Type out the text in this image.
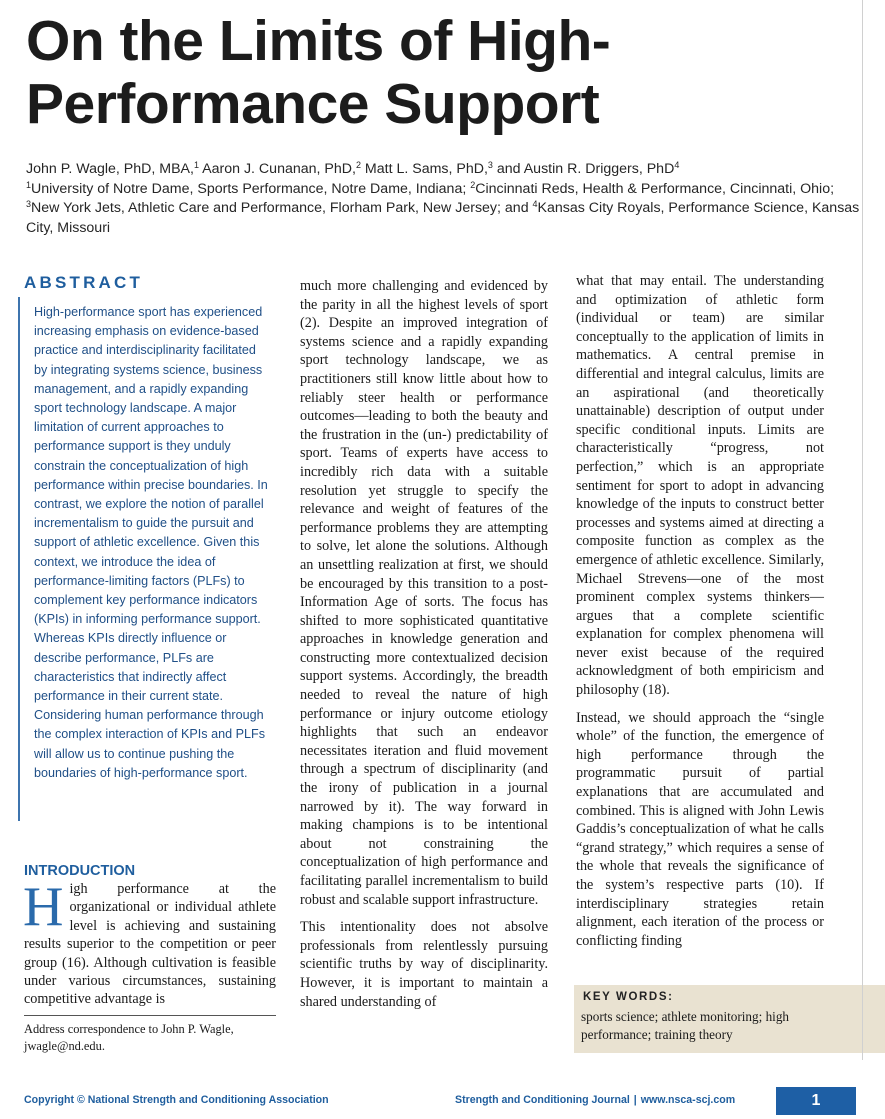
On the Limits of High-
Performance Support
John P. Wagle, PhD, MBA,$^1$ Aaron J. Cunanan, PhD,$^2$ Matt L. Sams, PhD,$^3$ and Austin R. Driggers, PhD$^4$
$^1$University of Notre Dame, Sports Performance, Notre Dame, Indiana; $^2$Cincinnati Reds, Health & Performance, Cincinnati, Ohio; $^3$New York Jets, Athletic Care and Performance, Florham Park, New Jersey; and $^4$Kansas City Royals, Performance Science, Kansas City, Missouri
ABSTRACT
High-performance sport has experienced increasing emphasis on evidence-based practice and interdisciplinarity facilitated by integrating systems science, business management, and a rapidly expanding sport technology landscape. A major limitation of current approaches to performance support is they unduly constrain the conceptualization of high performance within precise boundaries. In contrast, we explore the notion of parallel incrementalism to guide the pursuit and support of athletic excellence. Given this context, we introduce the idea of performance-limiting factors (PLFs) to complement key performance indicators (KPIs) in informing performance support. Whereas KPIs directly influence or describe performance, PLFs are characteristics that indirectly affect performance in their current state. Considering human performance through the complex interaction of KPIs and PLFs will allow us to continue pushing the boundaries of high-performance sport.
INTRODUCTION
High performance at the organizational or individual athlete level is achieving and sustaining results superior to the competition or peer group (16). Although cultivation is feasible under various circumstances, sustaining competitive advantage is
Address correspondence to John P. Wagle, jwagle@nd.edu.

much more challenging and evidenced by the parity in all the highest levels of sport (2). Despite an improved integration of systems science and a rapidly expanding sport technology landscape, we as practitioners still know little about how to reliably steer health or performance outcomes—leading to both the beauty and the frustration in the (un-) predictability of sport. Teams of experts have access to incredibly rich data with a suitable resolution yet struggle to specify the relevance and weight of features of the performance problems they are attempting to solve, let alone the solutions. Although an unsettling realization at first, we should be encouraged by this transition to a post-Information Age of sorts. The focus has shifted to more sophisticated quantitative approaches in knowledge generation and constructing more contextualized decision support systems. Accordingly, the breadth needed to reveal the nature of high performance or injury outcome etiology highlights that such an endeavor necessitates iteration and fluid movement through a spectrum of disciplinarity (and the irony of publication in a journal narrowed by it). The way forward in making champions is to be intentional about not constraining the conceptualization of high performance and facilitating parallel incrementalism to build robust and scalable support infrastructure.

This intentionality does not absolve professionals from relentlessly pursuing scientific truths by way of disciplinarity. However, it is important to maintain a shared understanding of

what that may entail. The understanding and optimization of athletic form (individual or team) are similar conceptually to the application of limits in mathematics. A central premise in differential and integral calculus, limits are an aspirational (and theoretically unattainable) description of output under specific conditional inputs. Limits are characteristically “progress, not perfection,” which is an appropriate sentiment for sport to adopt in advancing knowledge of the inputs to construct better processes and systems aimed at directing a composite function as complex as the emergence of athletic excellence. Similarly, Michael Strevens—one of the most prominent complex systems thinkers—argues that a complete scientific explanation for complex phenomena will never exist because of the required acknowledgment of both empiricism and philosophy (18).

Instead, we should approach the “single whole” of the function, the emergence of high performance through the programmatic pursuit of partial explanations that are accumulated and combined. This is aligned with John Lewis Gaddis’s conceptualization of what he calls “grand strategy,” which requires a sense of the whole that reveals the significance of the system’s respective parts (10). If interdisciplinary strategies retain alignment, each iteration of the process or conflicting finding

KEY WORDS:
sports science; athlete monitoring; high performance; training theory
Copyright © National Strength and Conditioning Association	Strength and Conditioning Journal | www.nsca-scj.com	1
